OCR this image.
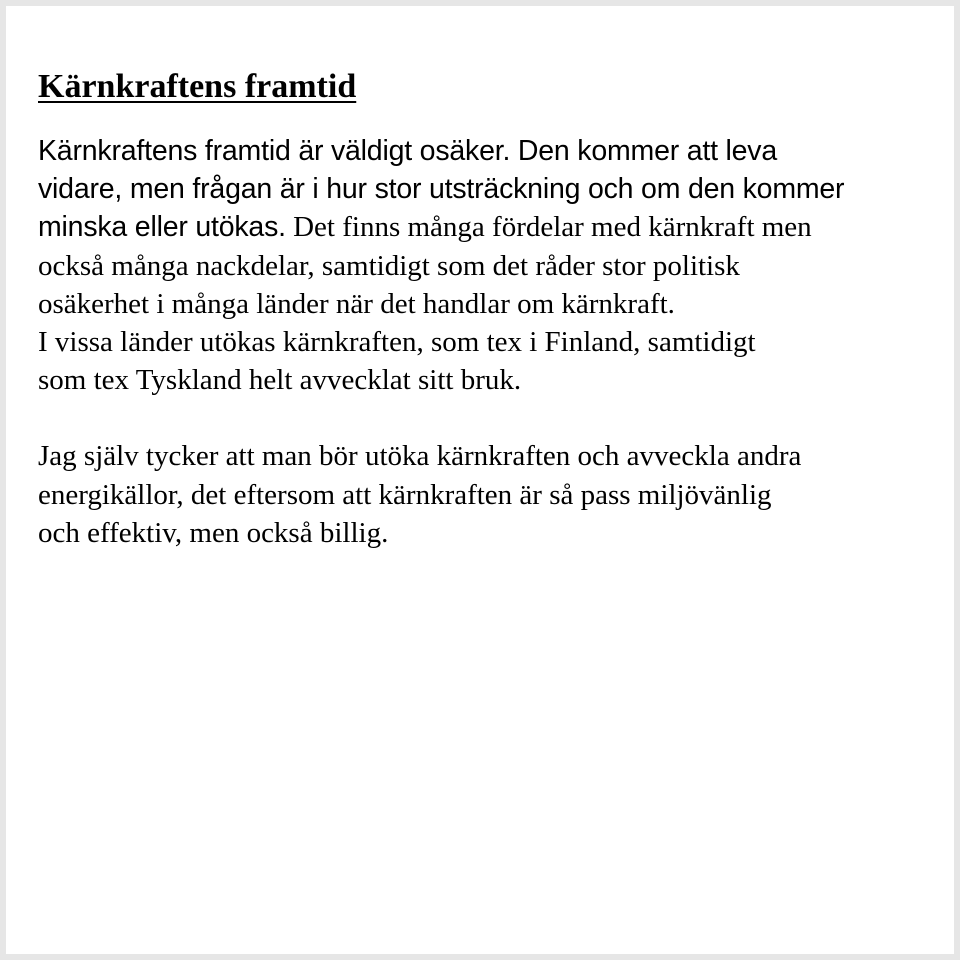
Kärnkraftens framtid

Kärnkraftens framtid är väldigt osäker. Den kommer att leva
vidare, men frågan är i hur stor utsträckning och om den kommer
minska eller utökas. Det finns många fördelar med kärnkraft men
också många nackdelar, samtidigt som det råder stor politisk
osäkerhet i många länder när det handlar om kärnkraft.
I vissa länder utökas kärnkraften, som tex i Finland, samtidigt
som tex Tyskland helt avvecklat sitt bruk.

Jag själv tycker att man bör utöka kärnkraften och avveckla andra
energikällor, det eftersom att kärnkraften är så pass miljövänlig
och effektiv, men också billig.
